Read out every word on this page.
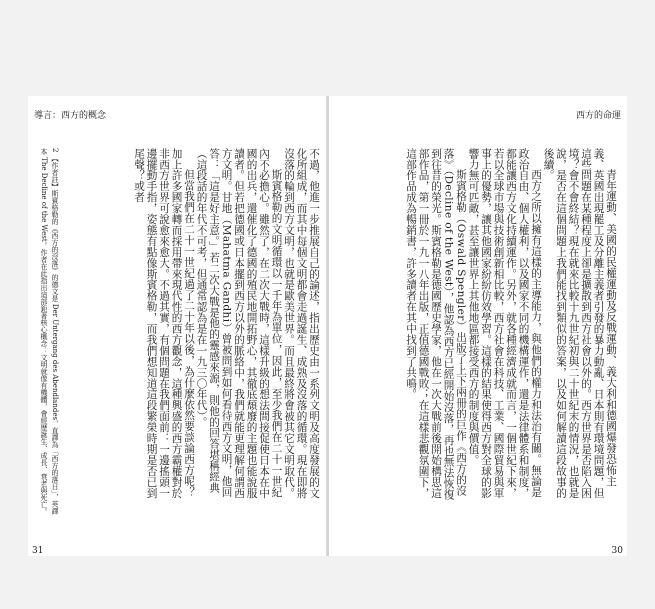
導言：西方的概念

不過，他進一步推展自己的論述，指出歷史由一系列文明及高度發展的文化所組成，而其中每個文明都會走過誕生、成熟及沒落的循環。現在即將沒落的輪到西方文明，也就是歐美世界。而且最終將會被其它文明取代。

斯賓格勒的文明循環以一千年為單位，因此，至少我們在二十一世紀內不必擔心。雖然了，在二次大戰時，這樣升級的想法間接促使日本在中國的出兵，還催化了德國的殖民地開拓野心，其徹底頹廢的主題也能說服讀者。但若把德國或日本擺到西方以外的脈絡中，我們就能更理解何謂西方文明。甘地（Mahatma Gandhi）曾被問到如何看待西方文明，他回答：「這是好主意。」若二次大戰是他的靈感來源，則他的回答堪稱經典（這段話的年代不可考，但通常認為是在一九三〇年代）。

但當我們在二十一世紀過了二十年以後，為什麼依然要談論西方呢？加上許多國家轉而採用帶來現代性的西方觀念，這種興盛的西方霸權對於非西方世界可說愈來愈大。不過其實，有個問題在我們面前：一邊搖頭一邊擺動手指，姿態有點像斯賓格勒，而我們想知道這段繁榮時期是否已到尾聲？或者

2 【作者註】斯賓格勒的《西方的沒落》的德文是 Der Untergang des Abendlandes，直譯為「西方的落日」，英譯本 The Decline of the West。作者在此指出這部鉅著核心概念：文明就像有機體，會經歷誕生、成長、衰老與死亡。

31
西方的命運

青年運動、美國的民權運動及反戰運動、義大利和德國爆發恐怖主義、英國出現罷工及分離主義者引發的暴力動亂、日本則有環境問題，但這些問題在某種程度上卻是擴散到西方社會以外的。西方世界是否陷入困境？會不會終結？現在就來比較十九世紀初與二十世紀末的情況，也就是說，是否在這個問題上我們能找到類似的答案，以及如何解讀這段故事的後續。

西方之所以擁有這樣的主導能力，與他們的權力和法治有關。無論是政治自由、個人權利，以及國家不同的機構運作，還是法律體系和制度，都能讓西方文化持續運作。另外，就各種經濟成就而言，一個世紀下來，若以全球市場與技術創新相比較，西方社會在科技、工業、國際貿易與軍事上的優勢，讓其他國家紛紛仿效學習。這樣的結果使得西方對全球的影響力無可匹敵，甚至讓世界上其他地區都接受西方的制度與價值。

斯賓格勒（Oswald Spengler）出版了上下兩冊的巨作《西方的沒落》（Decline of the West），他認為西方已經開始沒落，再也無法恢復到往昔的榮光。斯賓格勒是德國歷史學家，他在一次大戰前後開始構思這部作品，第一冊於一九一八年出版，正值德國戰敗；在這樣悲觀氛圍下，這部作品成為暢銷書，許多讀者在其中找到了共鳴。

30
